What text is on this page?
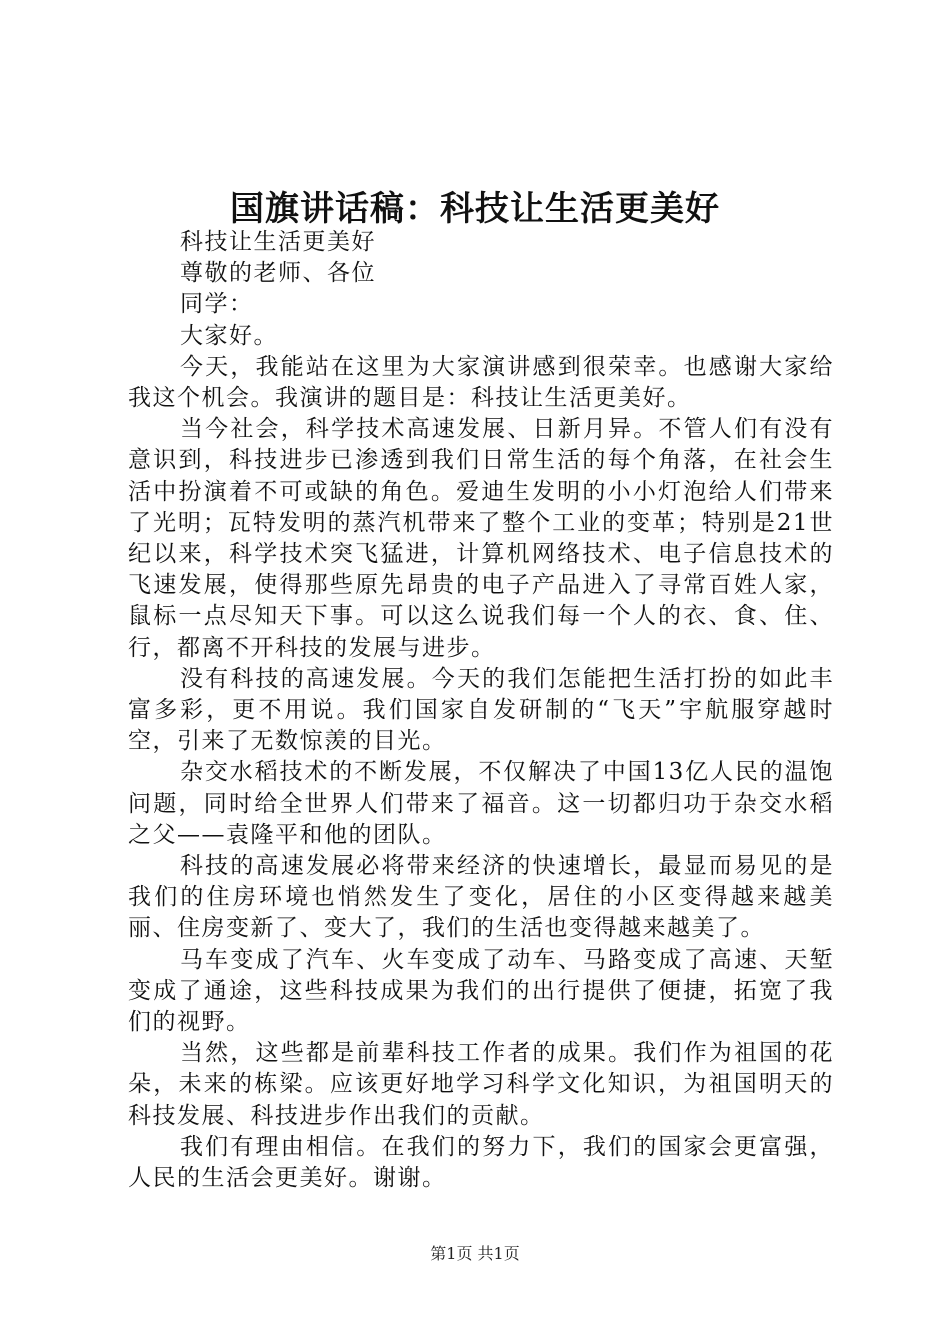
国旗讲话稿：科技让生活更美好

科技让生活更美好

尊敬的老师、各位

同学：

大家好。

今天，我能站在这里为大家演讲感到很荣幸。也感谢大家给我这个机会。我演讲的题目是：科技让生活更美好。

当今社会，科学技术高速发展、日新月异。不管人们有没有意识到，科技进步已渗透到我们日常生活的每个角落，在社会生活中扮演着不可或缺的角色。爱迪生发明的小小灯泡给人们带来了光明；瓦特发明的蒸汽机带来了整个工业的变革；特别是21世纪以来，科学技术突飞猛进，计算机网络技术、电子信息技术的飞速发展，使得那些原先昂贵的电子产品进入了寻常百姓人家，鼠标一点尽知天下事。可以这么说我们每一个人的衣、食、住、行，都离不开科技的发展与进步。

没有科技的高速发展。今天的我们怎能把生活打扮的如此丰富多彩，更不用说。我们国家自发研制的“飞天”宇航服穿越时空，引来了无数惊羡的目光。

杂交水稻技术的不断发展，不仅解决了中国13亿人民的温饱问题，同时给全世界人们带来了福音。这一切都归功于杂交水稻之父——袁隆平和他的团队。

科技的高速发展必将带来经济的快速增长，最显而易见的是我们的住房环境也悄然发生了变化，居住的小区变得越来越美丽、住房变新了、变大了，我们的生活也变得越来越美了。

马车变成了汽车、火车变成了动车、马路变成了高速、天堑变成了通途，这些科技成果为我们的出行提供了便捷，拓宽了我们的视野。

当然，这些都是前辈科技工作者的成果。我们作为祖国的花朵，未来的栋梁。应该更好地学习科学文化知识，为祖国明天的科技发展、科技进步作出我们的贡献。

我们有理由相信。在我们的努力下，我们的国家会更富强，人民的生活会更美好。谢谢。

第1页 共1页
